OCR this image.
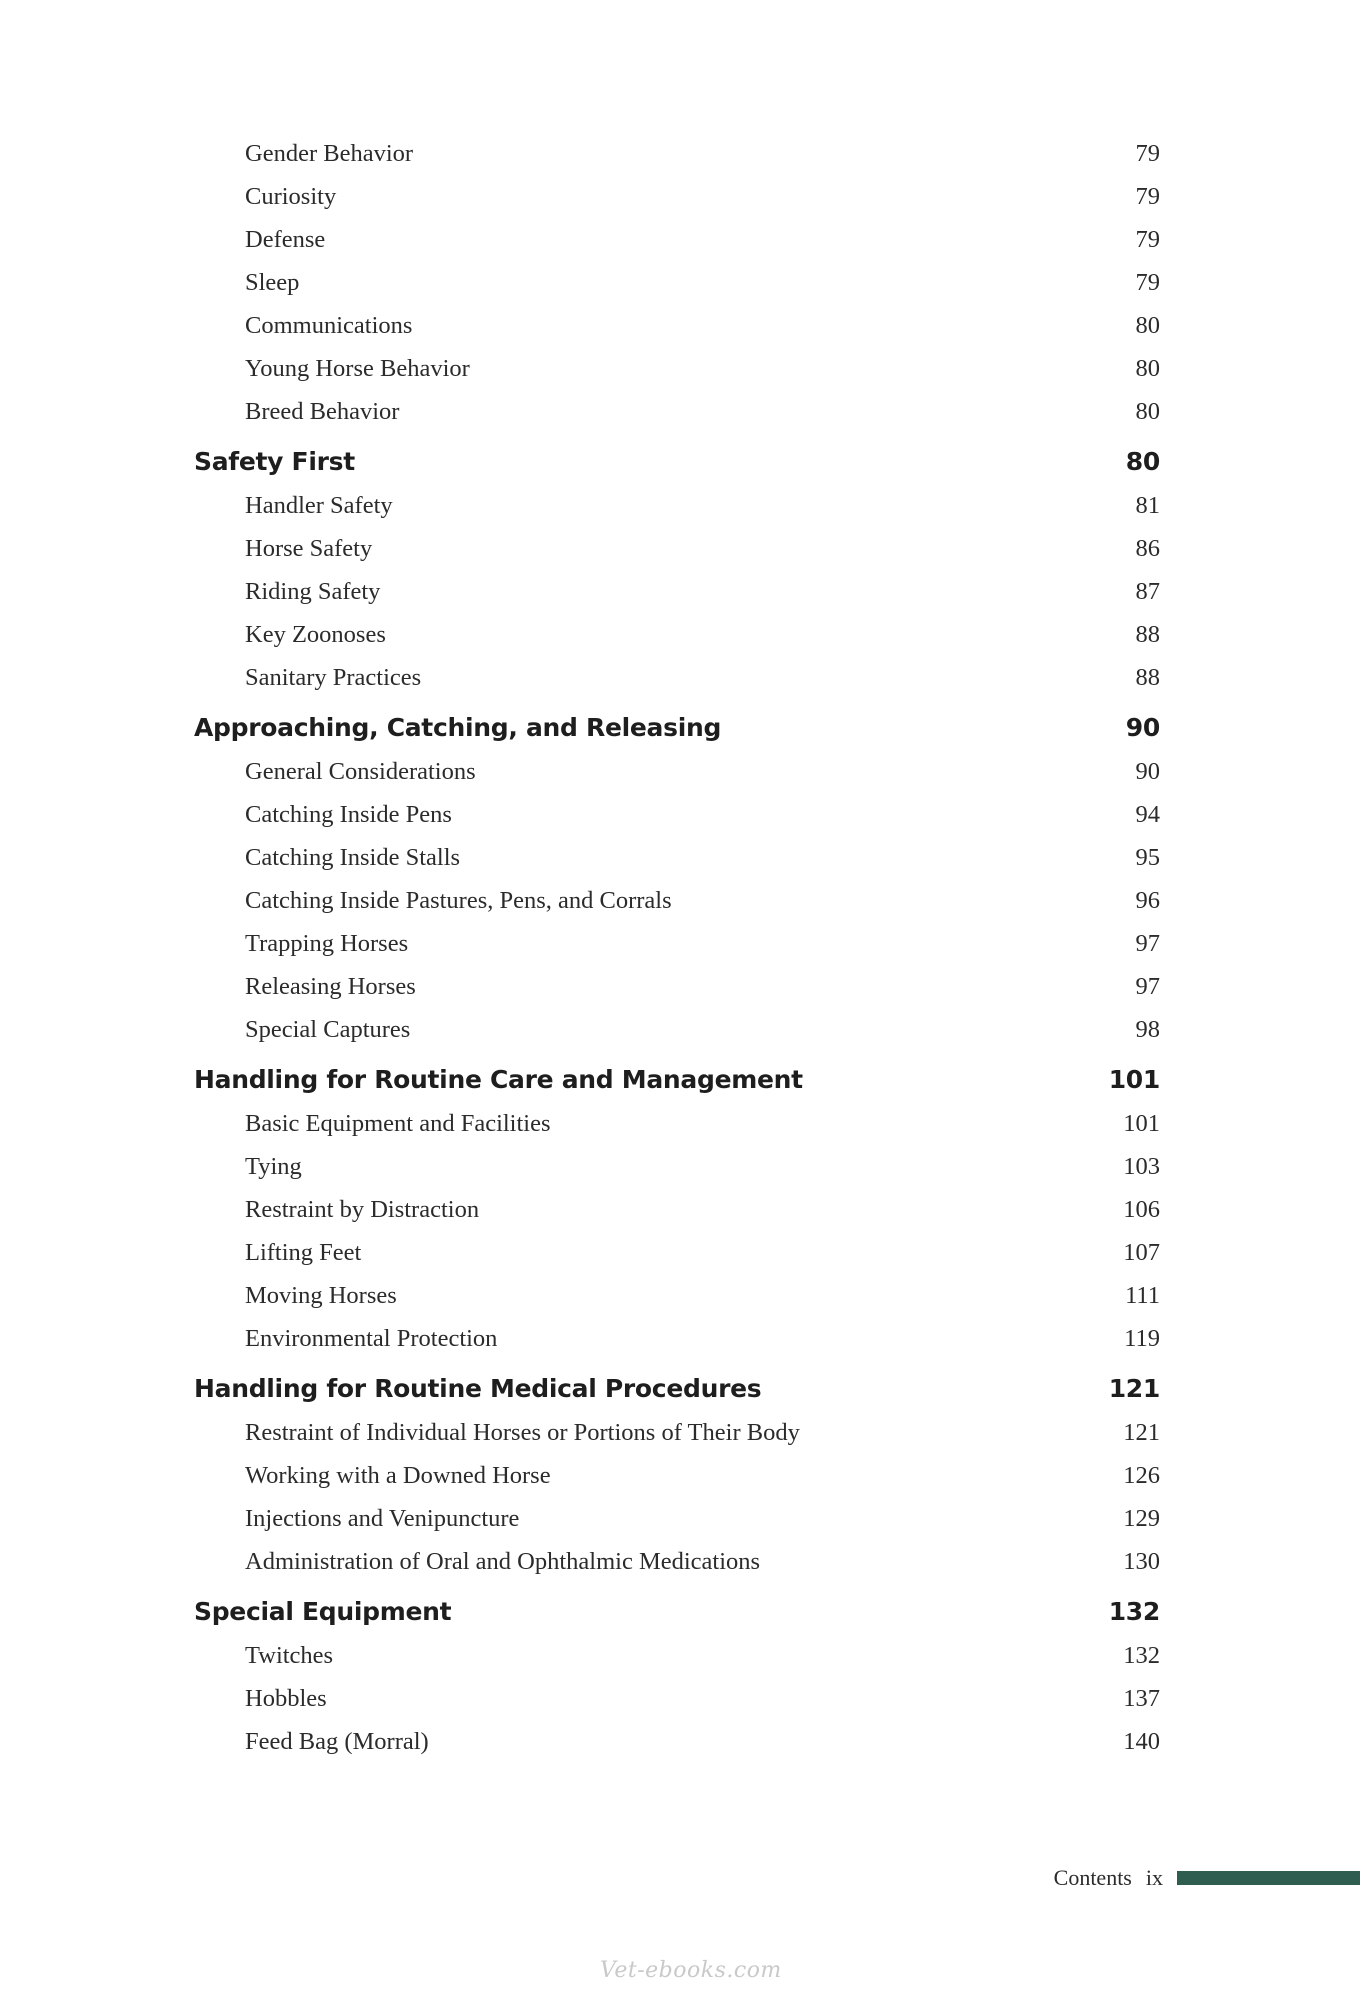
Gender Behavior	79
Curiosity	79
Defense	79
Sleep	79
Communications	80
Young Horse Behavior	80
Breed Behavior	80
Safety First	80
Handler Safety	81
Horse Safety	86
Riding Safety	87
Key Zoonoses	88
Sanitary Practices	88
Approaching, Catching, and Releasing	90
General Considerations	90
Catching Inside Pens	94
Catching Inside Stalls	95
Catching Inside Pastures, Pens, and Corrals	96
Trapping Horses	97
Releasing Horses	97
Special Captures	98
Handling for Routine Care and Management	101
Basic Equipment and Facilities	101
Tying	103
Restraint by Distraction	106
Lifting Feet	107
Moving Horses	111
Environmental Protection	119
Handling for Routine Medical Procedures	121
Restraint of Individual Horses or Portions of Their Body	121
Working with a Downed Horse	126
Injections and Venipuncture	129
Administration of Oral and Ophthalmic Medications	130
Special Equipment	132
Twitches	132
Hobbles	137
Feed Bag (Morral)	140
Contents ix
Vet-ebooks.com
